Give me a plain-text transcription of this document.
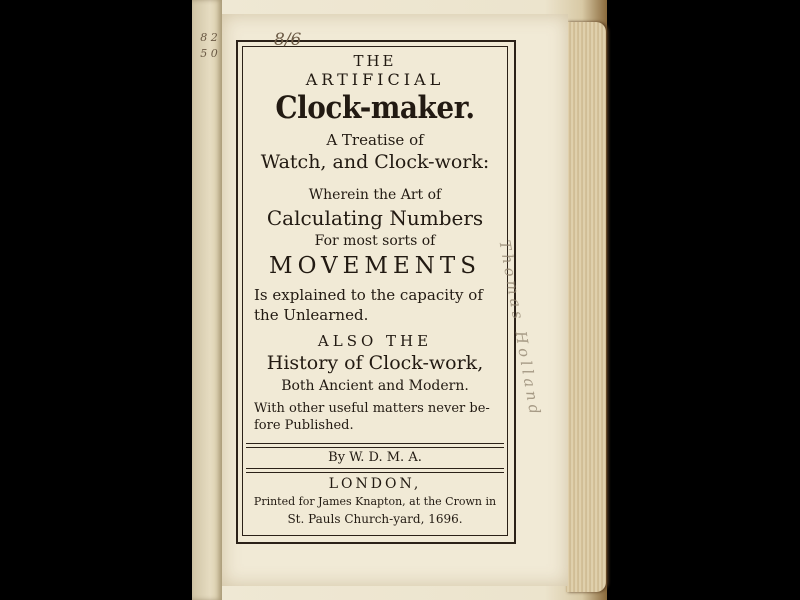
8 2 5 0
8/6
Thomas Holland
THE
ARTIFICIAL
Clock-maker.
A Treatise of
Watch, and Clock-work:
Wherein the Art of
Calculating Numbers
For most sorts of
MOVEMENTS
Is explained to the capacity of
the Unlearned.
ALSO THE
History of Clock-work,
Both Ancient and Modern.
With other useful matters never be-
fore Published.
By W. D. M. A.
LONDON,
Printed for James Knapton, at the Crown in
St. Pauls Church-yard, 1696.
